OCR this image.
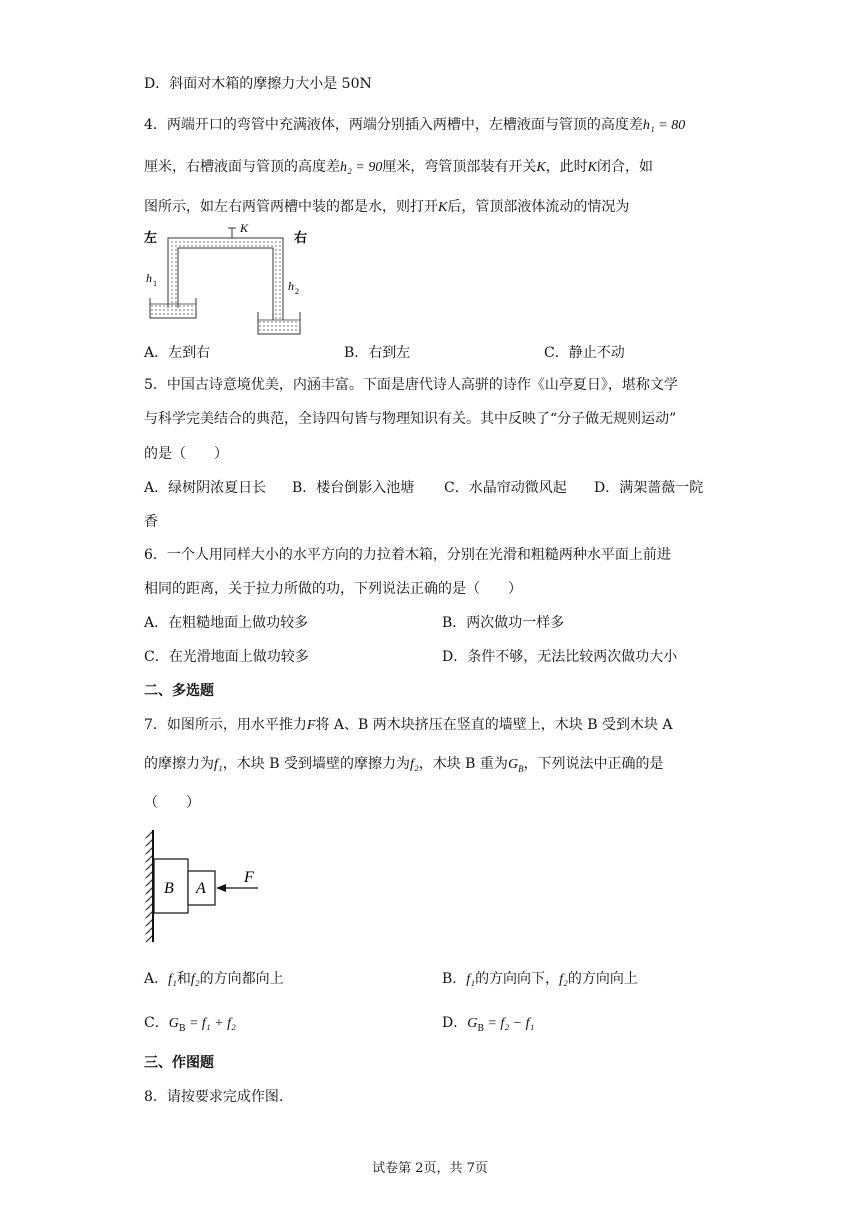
D．斜面对木箱的摩擦力大小是 50N
4．两端开口的弯管中充满液体，两端分别插入两槽中，左槽液面与管顶的高度差h₁ = 80
厘米，右槽液面与管顶的高度差h₂ = 90厘米，弯管顶部装有开关K，此时K闭合，如
图所示，如左右两管两槽中装的都是水，则打开K后，管顶部液体流动的情况为
左	右
K
h 1	h 2
A．左到右	B．右到左	C．静止不动
5．中国古诗意境优美，内涵丰富。下面是唐代诗人高骈的诗作《山亭夏日》，堪称文学
与科学完美结合的典范，全诗四句皆与物理知识有关。其中反映了“分子做无规则运动”
的是（　　）
A．绿树阴浓夏日长 B．楼台倒影入池塘 C．水晶帘动微风起 D．满架蔷薇一院
香
6．一个人用同样大小的水平方向的力拉着木箱，分别在光滑和粗糙两种水平面上前进
相同的距离，关于拉力所做的功，下列说法正确的是（　　）
A．在粗糙地面上做功较多	B．两次做功一样多
C．在光滑地面上做功较多	D．条件不够，无法比较两次做功大小
二、多选题
7．如图所示，用水平推力F将 A、B 两木块挤压在竖直的墙壁上，木块 B 受到木块 A
的摩擦力为f₁，木块 B 受到墙壁的摩擦力为f₂，木块 B 重为$G_B$，下列说法中正确的是
（　　）
B A
F
A．f₁和f₂的方向都向上	B．f₁的方向向下，f₂的方向向上
C．$G_B = f_1 + f_2$	D．$G_B = f_2 - f_1$
三、作图题
8．请按要求完成作图.
试卷第 2页，共 7页
